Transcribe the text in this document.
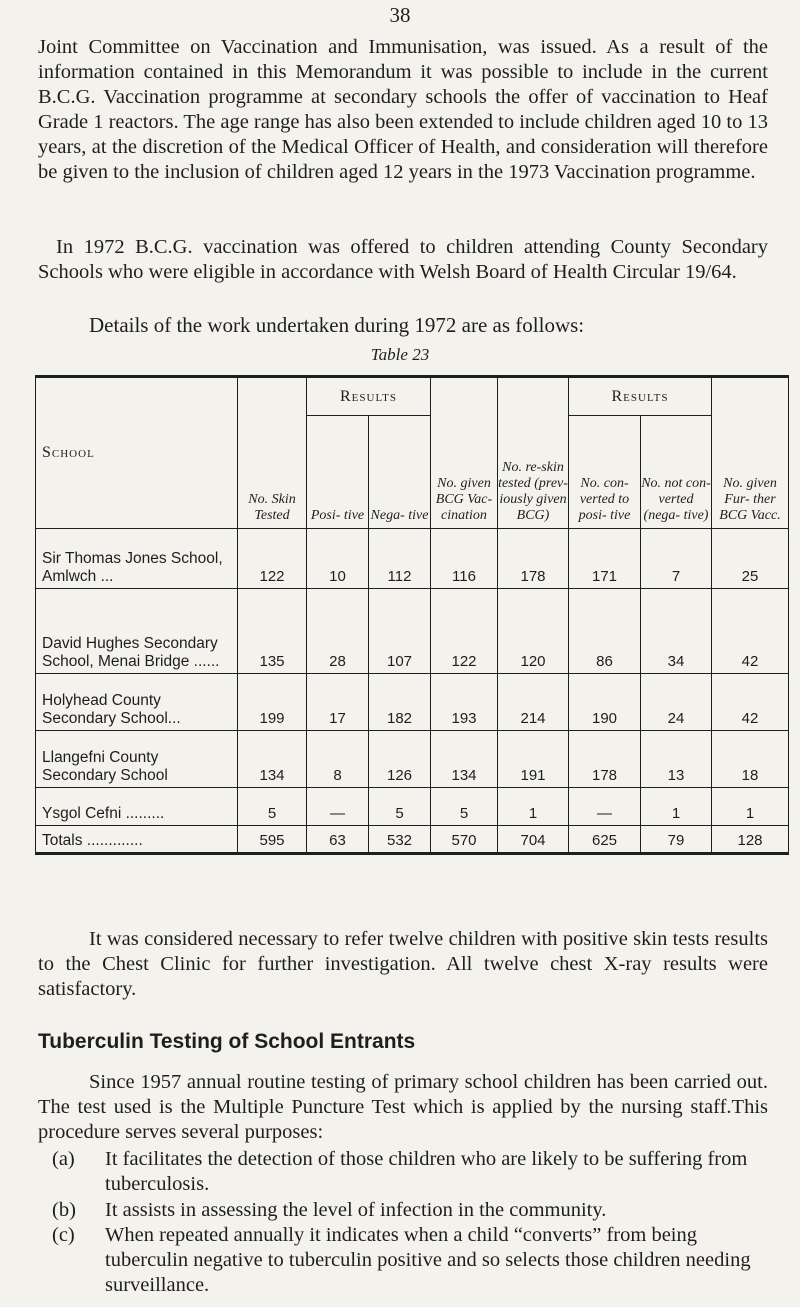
38

Joint Committee on Vaccination and Immunisation, was issued. As a result of the information contained in this Memorandum it was possible to include in the current B.C.G. Vaccination programme at secondary schools the offer of vaccination to Heaf Grade 1 reactors. The age range has also been extended to include children aged 10 to 13 years, at the discretion of the Medical Officer of Health, and consideration will therefore be given to the inclusion of children aged 12 years in the 1973 Vaccination programme.

In 1972 B.C.G. vaccination was offered to children attending County Secondary Schools who were eligible in accordance with Welsh Board of Health Circular 19/64.

Details of the work undertaken during 1972 are as follows:

Table 23
School	No. Skin Tested	Results		No. given BCG Vac- cination	No. re-skin tested (prev- iously given BCG)	Results		No. given Fur- ther BCG Vacc.
		Posi- tive	Nega- tive			No. con- verted to posi- tive	No. not con- verted (nega- tive)	
Sir Thomas Jones School, Amlwch ...	122	10	112	116	178	171	7	25
David Hughes Secondary School, Menai Bridge ......	135	28	107	122	120	86	34	42
Holyhead County Secondary School...	199	17	182	193	214	190	24	42
Llangefni County Secondary School	134	8	126	134	191	178	13	18
Ysgol Cefni .........	5	—	5	5	1	—	1	1
Totals .............	595	63	532	570	704	625	79	128

It was considered necessary to refer twelve children with positive skin tests results to the Chest Clinic for further investigation. All twelve chest X-ray results were satisfactory.

Tuberculin Testing of School Entrants

Since 1957 annual routine testing of primary school children has been carried out. The test used is the Multiple Puncture Test which is applied by the nursing staff.This procedure serves several purposes:

(a) It facilitates the detection of those children who are likely to be suffering from tuberculosis.
(b) It assists in assessing the level of infection in the community.
(c) When repeated annually it indicates when a child “converts” from being tuberculin negative to tuberculin positive and so selects those children needing surveillance.
